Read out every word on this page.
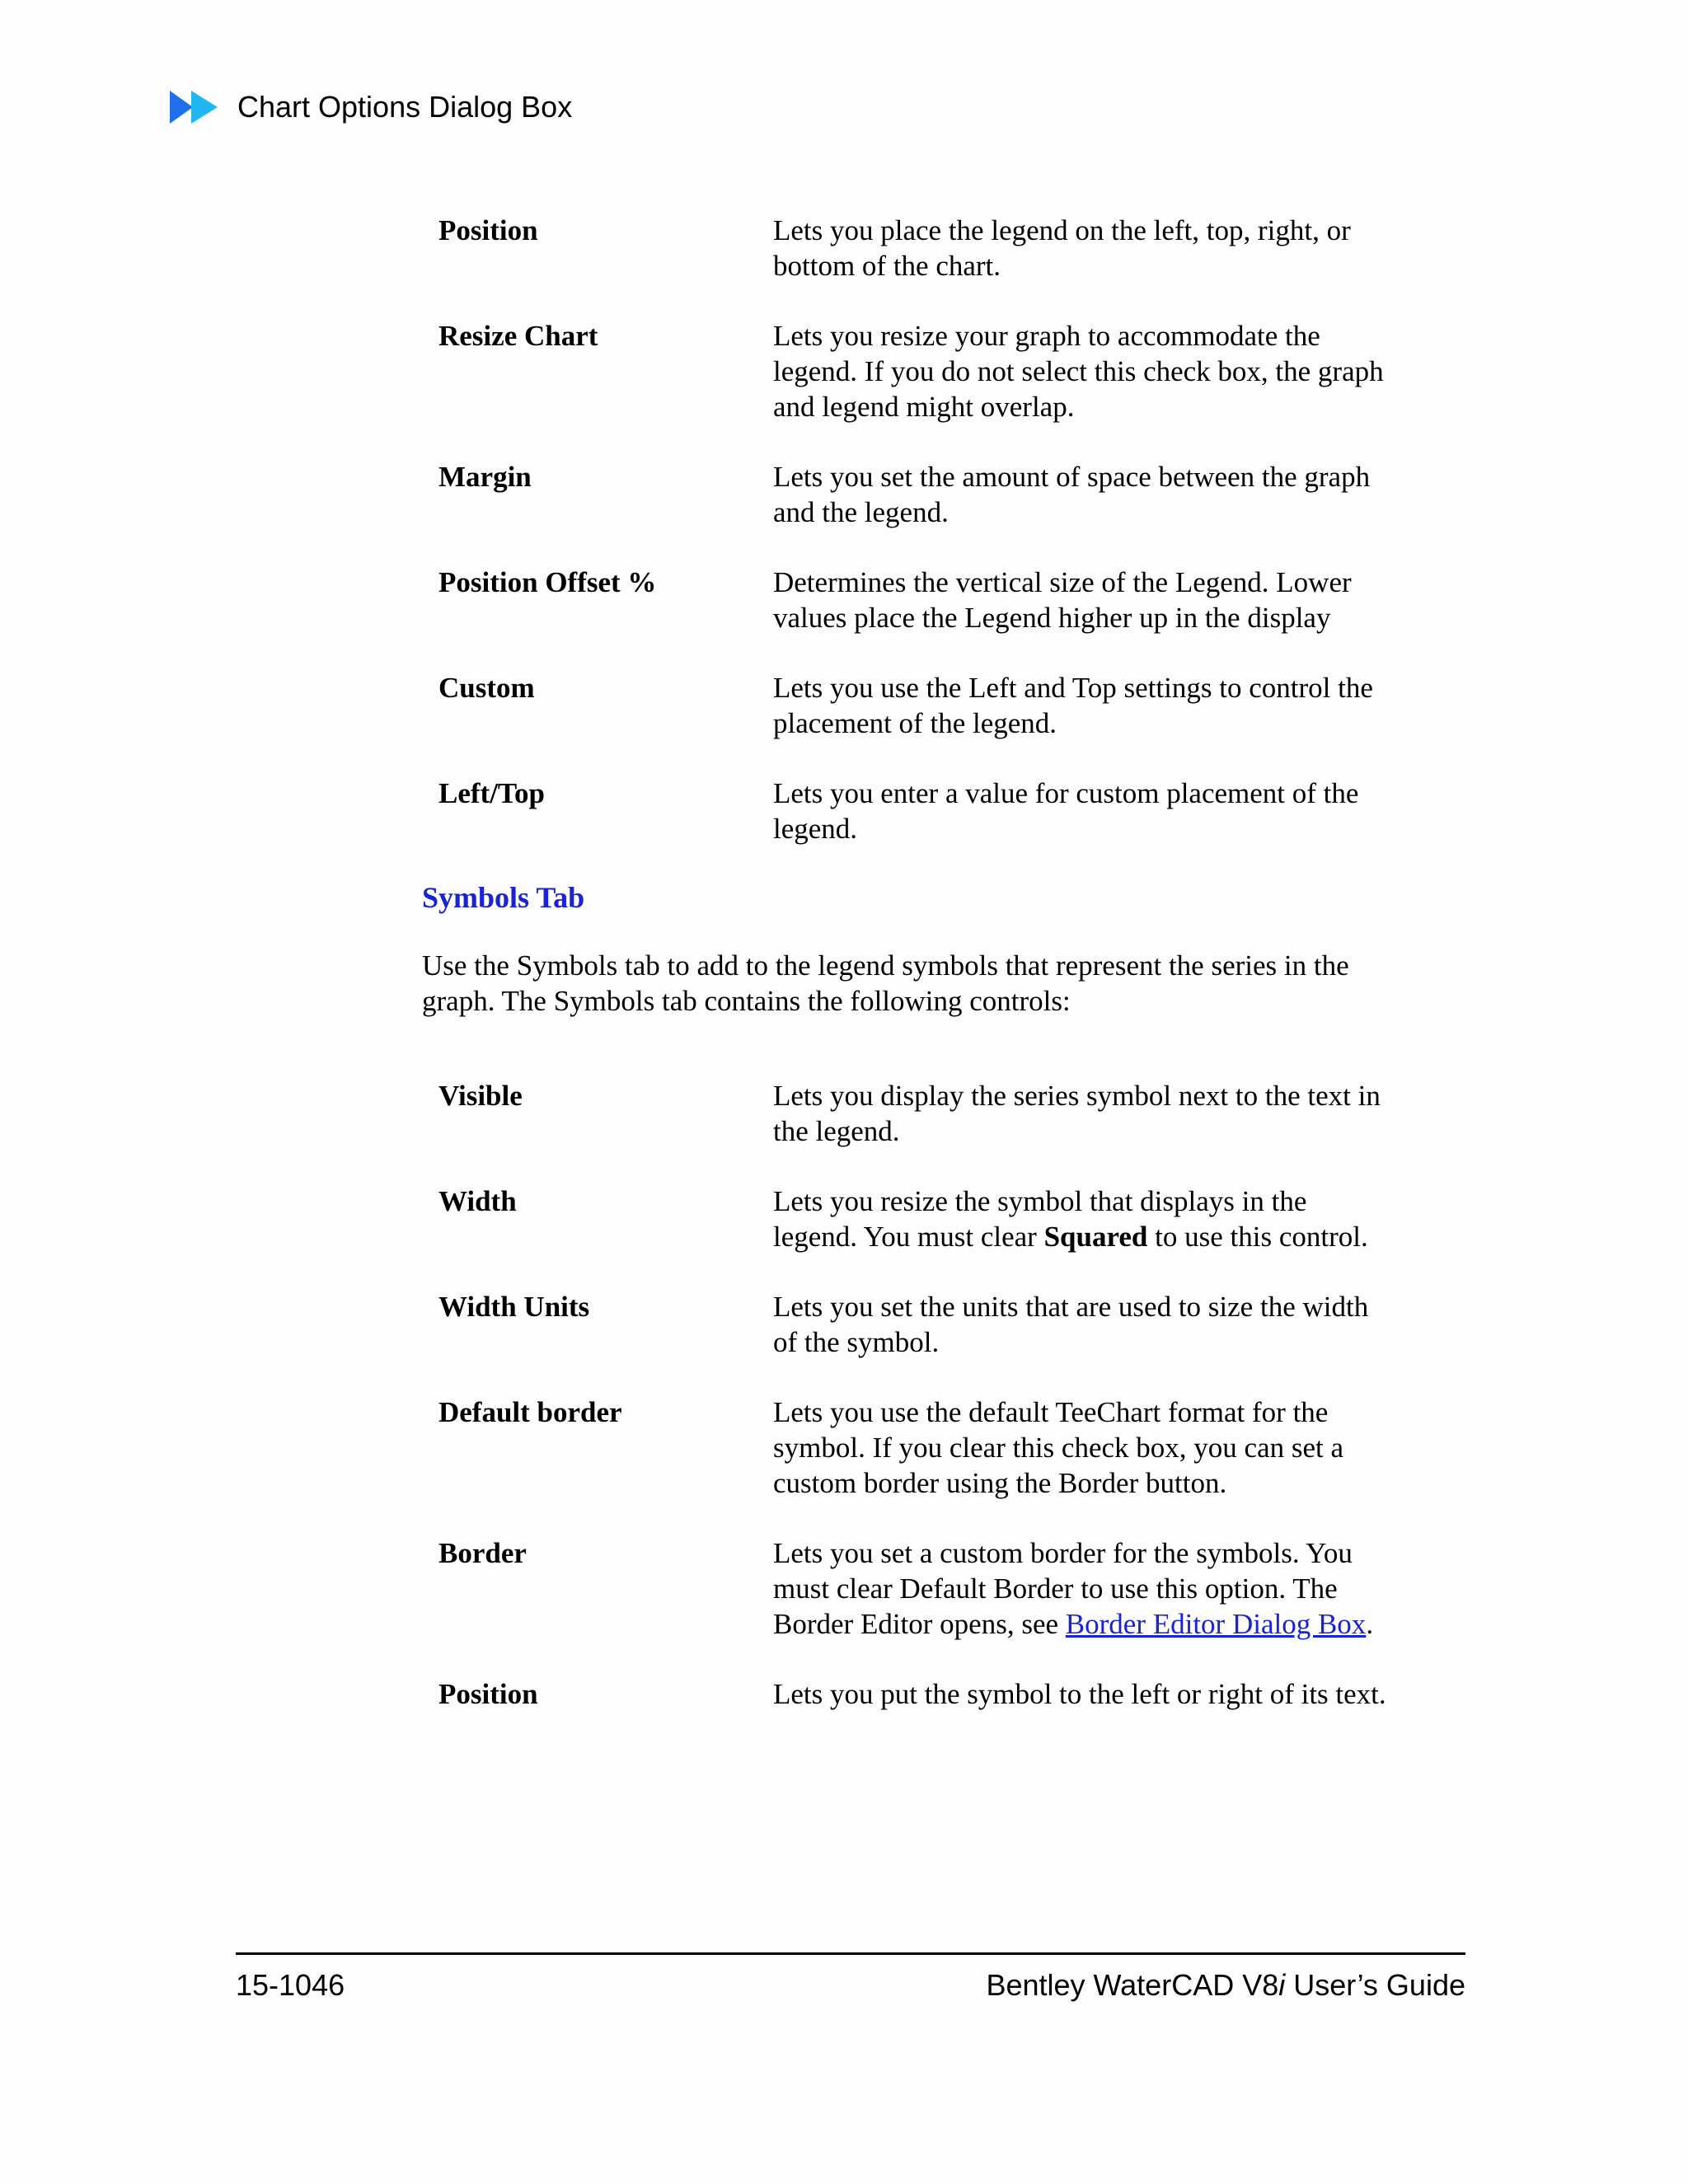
Chart Options Dialog Box
Position	Lets you place the legend on the left, top, right, or bottom of the chart.
Resize Chart	Lets you resize your graph to accommodate the legend. If you do not select this check box, the graph and legend might overlap.
Margin	Lets you set the amount of space between the graph and the legend.
Position Offset %	Determines the vertical size of the Legend. Lower values place the Legend higher up in the display
Custom	Lets you use the Left and Top settings to control the placement of the legend.
Left/Top	Lets you enter a value for custom placement of the legend.
Symbols Tab
Use the Symbols tab to add to the legend symbols that represent the series in the graph. The Symbols tab contains the following controls:
Visible	Lets you display the series symbol next to the text in the legend.
Width	Lets you resize the symbol that displays in the legend. You must clear Squared to use this control.
Width Units	Lets you set the units that are used to size the width of the symbol.
Default border	Lets you use the default TeeChart format for the symbol. If you clear this check box, you can set a custom border using the Border button.
Border	Lets you set a custom border for the symbols. You must clear Default Border to use this option. The Border Editor opens, see Border Editor Dialog Box.
Position	Lets you put the symbol to the left or right of its text.
15-1046	Bentley WaterCAD V8i User’s Guide
